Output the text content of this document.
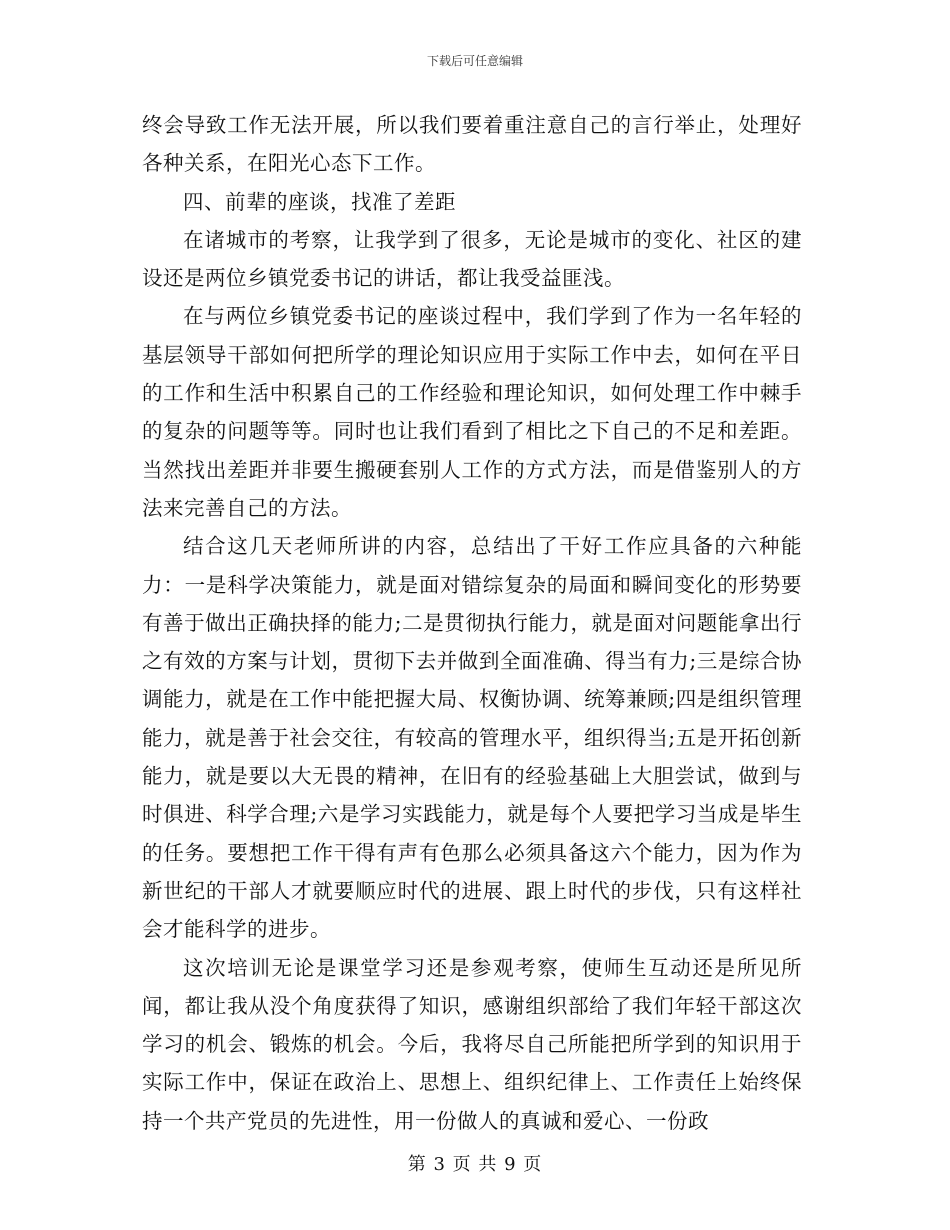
下载后可任意编辑

终会导致工作无法开展，所以我们要着重注意自己的言行举止，处理好各种关系，在阳光心态下工作。

四、前辈的座谈，找准了差距

在诸城市的考察，让我学到了很多，无论是城市的变化、社区的建设还是两位乡镇党委书记的讲话，都让我受益匪浅。

在与两位乡镇党委书记的座谈过程中，我们学到了作为一名年轻的基层领导干部如何把所学的理论知识应用于实际工作中去，如何在平日的工作和生活中积累自己的工作经验和理论知识，如何处理工作中棘手的复杂的问题等等。同时也让我们看到了相比之下自己的不足和差距。当然找出差距并非要生搬硬套别人工作的方式方法，而是借鉴别人的方法来完善自己的方法。

结合这几天老师所讲的内容，总结出了干好工作应具备的六种能力：一是科学决策能力，就是面对错综复杂的局面和瞬间变化的形势要有善于做出正确抉择的能力;二是贯彻执行能力，就是面对问题能拿出行之有效的方案与计划，贯彻下去并做到全面准确、得当有力;三是综合协调能力，就是在工作中能把握大局、权衡协调、统筹兼顾;四是组织管理能力，就是善于社会交往，有较高的管理水平，组织得当;五是开拓创新能力，就是要以大无畏的精神，在旧有的经验基础上大胆尝试，做到与时俱进、科学合理;六是学习实践能力，就是每个人要把学习当成是毕生的任务。要想把工作干得有声有色那么必须具备这六个能力，因为作为新世纪的干部人才就要顺应时代的进展、跟上时代的步伐，只有这样社会才能科学的进步。

这次培训无论是课堂学习还是参观考察，使师生互动还是所见所闻，都让我从没个角度获得了知识，感谢组织部给了我们年轻干部这次学习的机会、锻炼的机会。今后，我将尽自己所能把所学到的知识用于实际工作中，保证在政治上、思想上、组织纪律上、工作责任上始终保持一个共产党员的先进性，用一份做人的真诚和爱心、一份政

第 3 页 共 9 页
